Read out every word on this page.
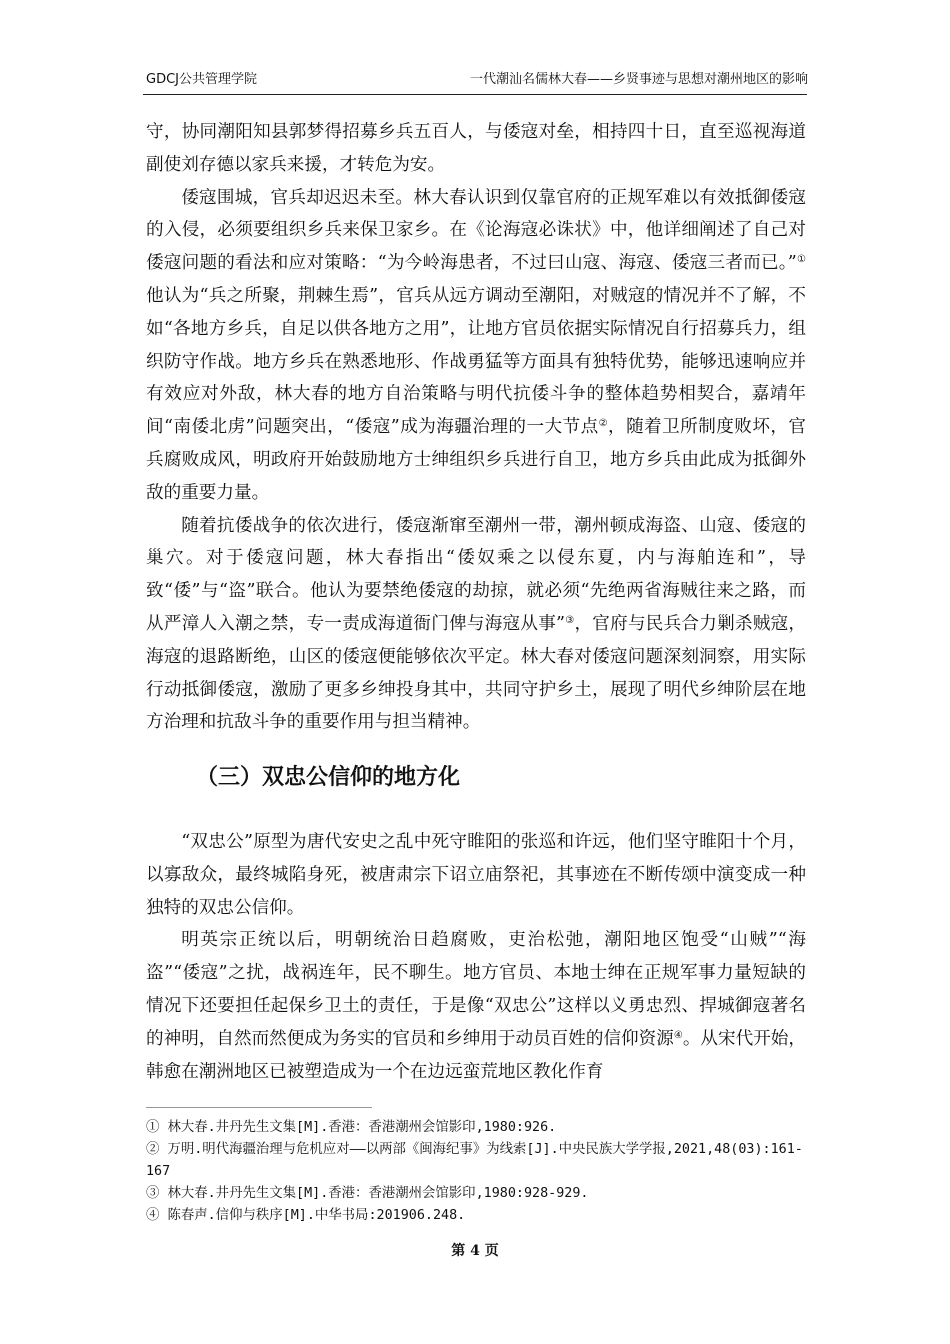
GDCJ公共管理学院	一代潮汕名儒林大春——乡贤事迹与思想对潮州地区的影响

守，协同潮阳知县郭梦得招募乡兵五百人，与倭寇对垒，相持四十日，直至巡视海道副使刘存德以家兵来援，才转危为安。

倭寇围城，官兵却迟迟未至。林大春认识到仅靠官府的正规军难以有效抵御倭寇的入侵，必须要组织乡兵来保卫家乡。在《论海寇必诛状》中，他详细阐述了自己对倭寇问题的看法和应对策略：“为今岭海患者，不过曰山寇、海寇、倭寇三者而已。”①他认为“兵之所聚，荆棘生焉”，官兵从远方调动至潮阳，对贼寇的情况并不了解，不如“各地方乡兵，自足以供各地方之用”，让地方官员依据实际情况自行招募兵力，组织防守作战。地方乡兵在熟悉地形、作战勇猛等方面具有独特优势，能够迅速响应并有效应对外敌，林大春的地方自治策略与明代抗倭斗争的整体趋势相契合，嘉靖年间“南倭北虏”问题突出，“倭寇”成为海疆治理的一大节点②，随着卫所制度败坏，官兵腐败成风，明政府开始鼓励地方士绅组织乡兵进行自卫，地方乡兵由此成为抵御外敌的重要力量。

随着抗倭战争的依次进行，倭寇渐窜至潮州一带，潮州顿成海盗、山寇、倭寇的巢穴。对于倭寇问题，林大春指出“倭奴乘之以侵东夏，内与海舶连和”，导致“倭”与“盗”联合。他认为要禁绝倭寇的劫掠，就必须“先绝两省海贼往来之路，而从严漳人入潮之禁，专一责成海道衙门俾与海寇从事”③，官府与民兵合力剿杀贼寇，海寇的退路断绝，山区的倭寇便能够依次平定。林大春对倭寇问题深刻洞察，用实际行动抵御倭寇，激励了更多乡绅投身其中，共同守护乡土，展现了明代乡绅阶层在地方治理和抗敌斗争的重要作用与担当精神。

（三）双忠公信仰的地方化

“双忠公”原型为唐代安史之乱中死守睢阳的张巡和许远，他们坚守睢阳十个月，以寡敌众，最终城陷身死，被唐肃宗下诏立庙祭祀，其事迹在不断传颂中演变成一种独特的双忠公信仰。

明英宗正统以后，明朝统治日趋腐败，吏治松弛，潮阳地区饱受“山贼”“海盗”“倭寇”之扰，战祸连年，民不聊生。地方官员、本地士绅在正规军事力量短缺的情况下还要担任起保乡卫土的责任，于是像“双忠公”这样以义勇忠烈、捍城御寇著名的神明，自然而然便成为务实的官员和乡绅用于动员百姓的信仰资源④。从宋代开始，韩愈在潮洲地区已被塑造成为一个在边远蛮荒地区教化作育

① 林大春.井丹先生文集[M].香港：香港潮州会馆影印,1980:926.
② 万明.明代海疆治理与危机应对——以两部《闽海纪事》为线索[J].中央民族大学学报,2021,48(03):161-167
③ 林大春.井丹先生文集[M].香港：香港潮州会馆影印,1980:928-929.
④ 陈春声.信仰与秩序[M].中华书局:201906.248.
第 4 页
